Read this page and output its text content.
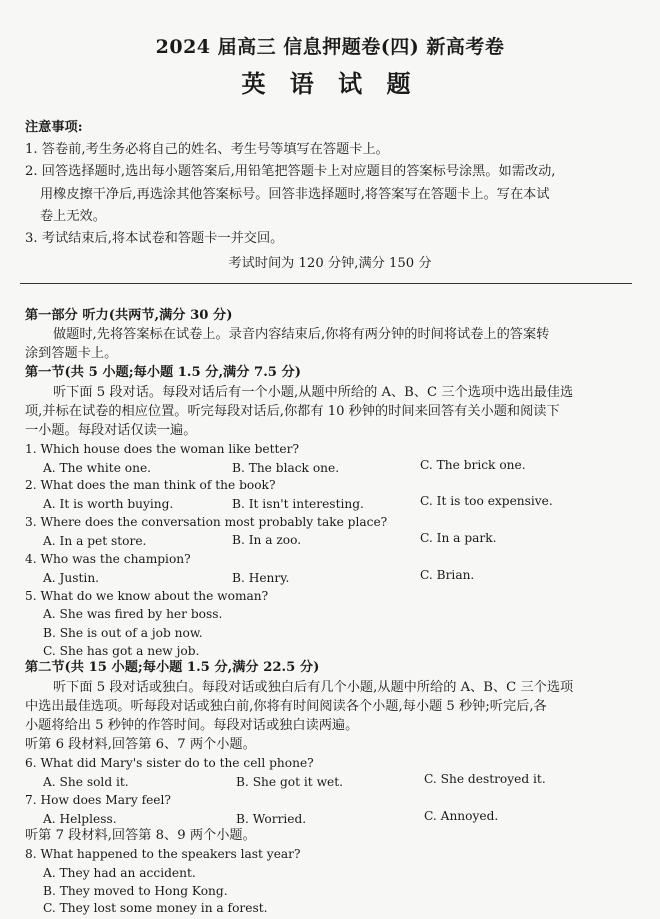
2024 届高三 信息押题卷(四) 新高考卷
英 语 试 题
注意事项:
1. 答卷前,考生务必将自己的姓名、考生号等填写在答题卡上。
2. 回答选择题时,选出每小题答案后,用铅笔把答题卡上对应题目的答案标号涂黑。如需改动,
用橡皮擦干净后,再选涂其他答案标号。回答非选择题时,将答案写在答题卡上。写在本试
卷上无效。
3. 考试结束后,将本试卷和答题卡一并交回。
考试时间为 120 分钟,满分 150 分
第一部分 听力(共两节,满分 30 分)
做题时,先将答案标在试卷上。录音内容结束后,你将有两分钟的时间将试卷上的答案转
涂到答题卡上。
第一节(共 5 小题;每小题 1.5 分,满分 7.5 分)
听下面 5 段对话。每段对话后有一个小题,从题中所给的 A、B、C 三个选项中选出最佳选
项,并标在试卷的相应位置。听完每段对话后,你都有 10 秒钟的时间来回答有关小题和阅读下
一小题。每段对话仅读一遍。
1. Which house does the woman like better?
A. The white one.	B. The black one.	C. The brick one.
2. What does the man think of the book?
A. It is worth buying.	B. It isn't interesting.	C. It is too expensive.
3. Where does the conversation most probably take place?
A. In a pet store.	B. In a zoo.	C. In a park.
4. Who was the champion?
A. Justin.	B. Henry.	C. Brian.
5. What do we know about the woman?
A. She was fired by her boss.
B. She is out of a job now.
C. She has got a new job.
第二节(共 15 小题;每小题 1.5 分,满分 22.5 分)
听下面 5 段对话或独白。每段对话或独白后有几个小题,从题中所给的 A、B、C 三个选项
中选出最佳选项。听每段对话或独白前,你将有时间阅读各个小题,每小题 5 秒钟;听完后,各
小题将给出 5 秒钟的作答时间。每段对话或独白读两遍。
听第 6 段材料,回答第 6、7 两个小题。
6. What did Mary's sister do to the cell phone?
A. She sold it.	B. She got it wet.	C. She destroyed it.
7. How does Mary feel?
A. Helpless.	B. Worried.	C. Annoyed.
听第 7 段材料,回答第 8、9 两个小题。
8. What happened to the speakers last year?
A. They had an accident.
B. They moved to Hong Kong.
C. They lost some money in a forest.
